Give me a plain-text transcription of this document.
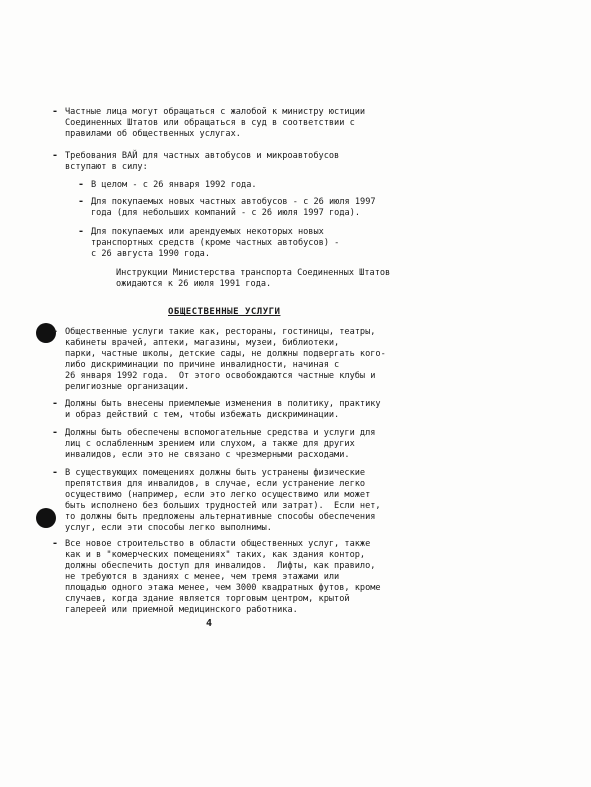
- Частные лица могут обращаться с жалобой к министру юстиции
Соединенных Штатов или обращаться в суд в соответствии с
правилами об общественных услугах.
- Требования ВАЙ для частных автобусов и микроавтобусов
вступают в силу:
- В целом - с 26 января 1992 года.
- Для покупаемых новых частных автобусов - с 26 июля 1997
года (для небольших компаний - с 26 июля 1997 года).
- Для покупаемых или арендуемых некоторых новых
транспортных средств (кроме частных автобусов) -
с 26 августа 1990 года.
Инструкции Министерства транспорта Соединенных Штатов
ожидаются к 26 июля 1991 года.
ОБЩЕСТВЕННЫЕ УСЛУГИ
- Общественные услуги такие как, рестораны, гостиницы, театры,
кабинеты врачей, аптеки, магазины, музеи, библиотеки,
парки, частные школы, детские сады, не должны подвергать кого-
либо дискриминации по причине инвалидности, начиная с
26 января 1992 года.  От этого освобождаются частные клубы и
религиозные организации.
- Должны быть внесены приемлемые изменения в политику, практику
и образ действий с тем, чтобы избежать дискриминации.
- Должны быть обеспечены вспомогательные средства и услуги для
лиц с ослабленным зрением или слухом, а также для других
инвалидов, если это не связано с чрезмерными расходами.
- В существующих помещениях должны быть устранены физические
препятствия для инвалидов, в случае, если устранение легко
осуществимо (например, если это легко осуществимо или может
быть исполнено без больших трудностей или затрат).  Если нет,
то должны быть предложены альтернативные способы обеспечения
услуг, если эти способы легко выполнимы.
- Все новое строительство в области общественных услуг, также
как и в "комерческих помещениях" таких, как здания контор,
должны обеспечить доступ для инвалидов.  Лифты, как правило,
не требуются в зданиях с менее, чем тремя этажами или
площадью одного этажа менее, чем 3000 квадратных футов, кроме
случаев, когда здание является торговым центром, крытой
галереей или приемной медицинского работника.
4
